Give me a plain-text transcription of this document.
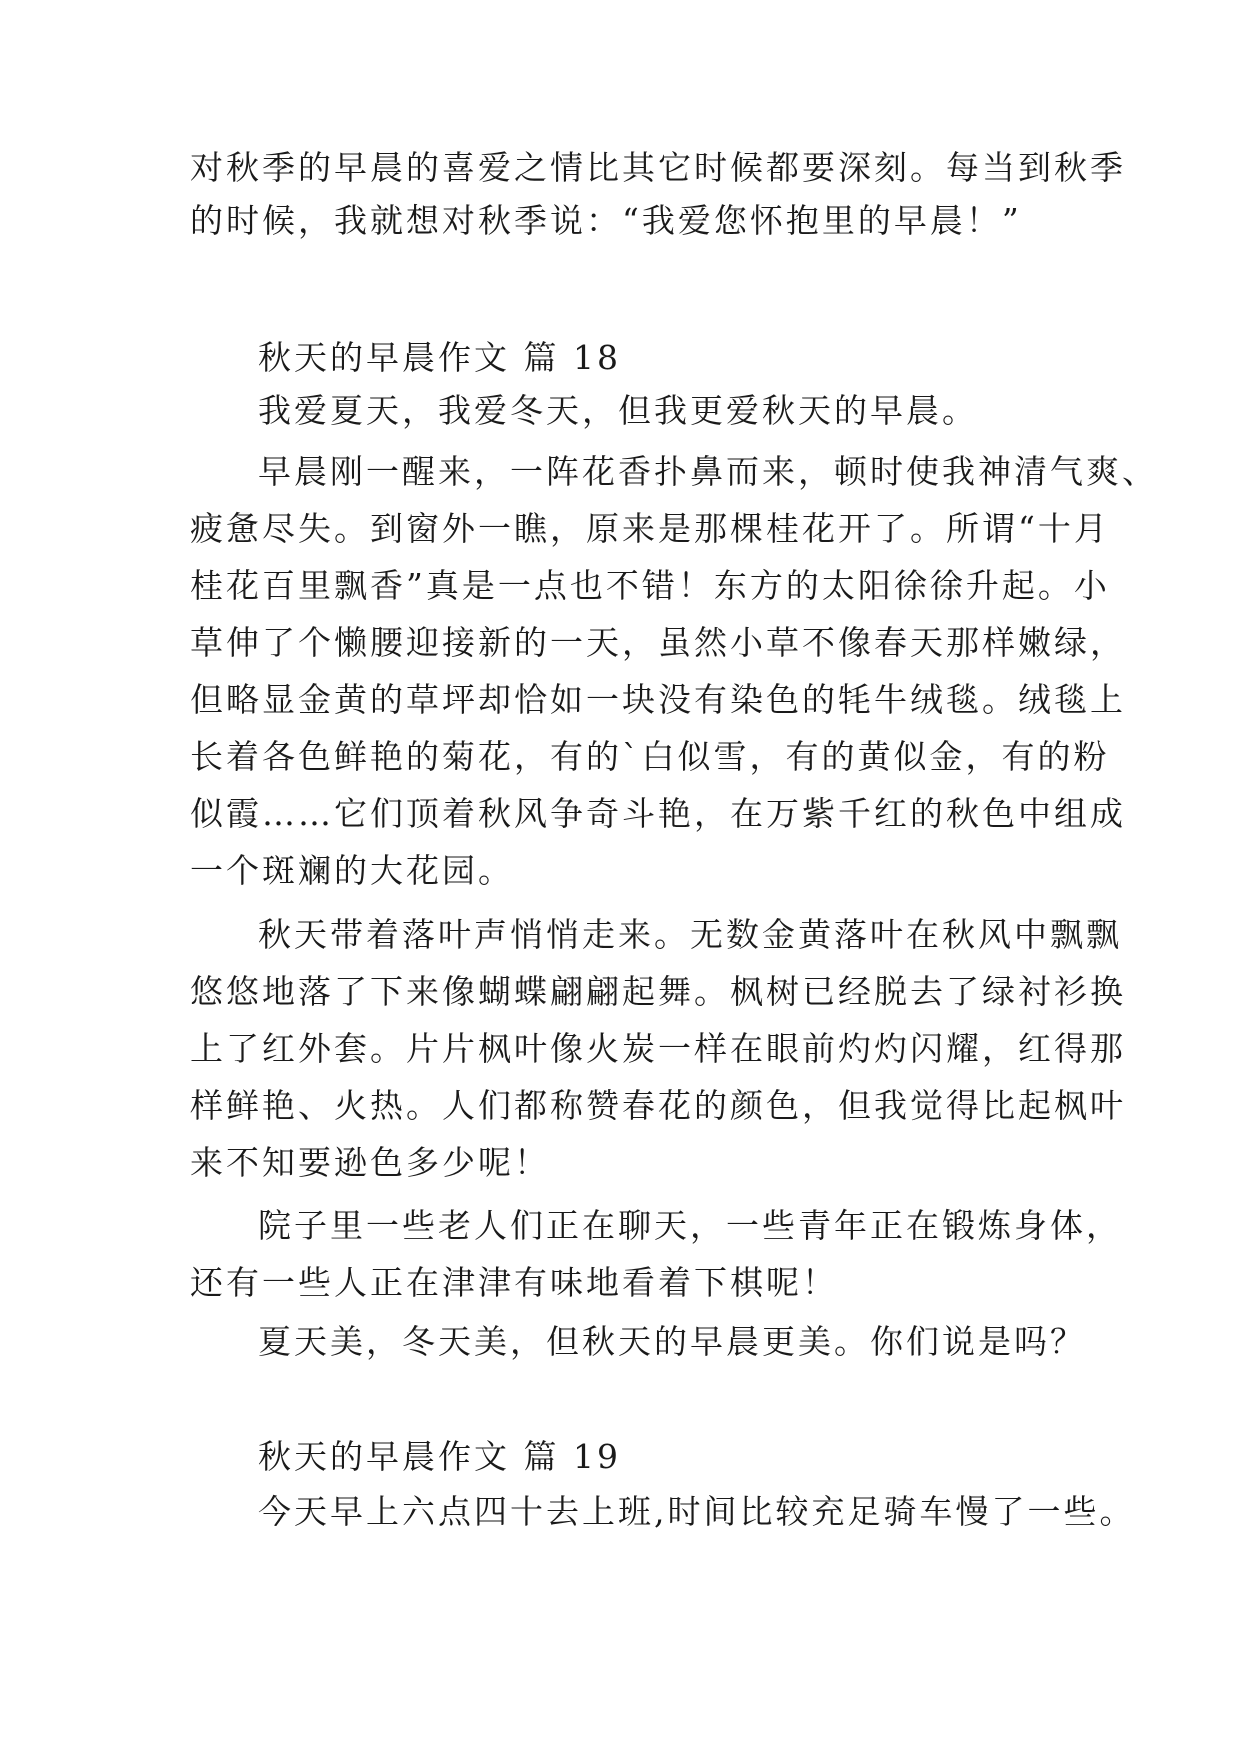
对秋季的早晨的喜爱之情比其它时候都要深刻。每当到秋季
的时候，我就想对秋季说：“我爱您怀抱里的早晨！”
秋天的早晨作文 篇 18
我爱夏天，我爱冬天，但我更爱秋天的早晨。
早晨刚一醒来，一阵花香扑鼻而来，顿时使我神清气爽、
疲惫尽失。到窗外一瞧，原来是那棵桂花开了。所谓“十月
桂花百里飘香”真是一点也不错！东方的太阳徐徐升起。小
草伸了个懒腰迎接新的一天，虽然小草不像春天那样嫩绿，
但略显金黄的草坪却恰如一块没有染色的牦牛绒毯。绒毯上
长着各色鲜艳的菊花，有的`白似雪，有的黄似金，有的粉
似霞……它们顶着秋风争奇斗艳，在万紫千红的秋色中组成
一个斑斓的大花园。
秋天带着落叶声悄悄走来。无数金黄落叶在秋风中飘飘
悠悠地落了下来像蝴蝶翩翩起舞。枫树已经脱去了绿衬衫换
上了红外套。片片枫叶像火炭一样在眼前灼灼闪耀，红得那
样鲜艳、火热。人们都称赞春花的颜色，但我觉得比起枫叶
来不知要逊色多少呢！
院子里一些老人们正在聊天，一些青年正在锻炼身体，
还有一些人正在津津有味地看着下棋呢！
夏天美，冬天美，但秋天的早晨更美。你们说是吗？
秋天的早晨作文 篇 19
今天早上六点四十去上班,时间比较充足骑车慢了一些。
